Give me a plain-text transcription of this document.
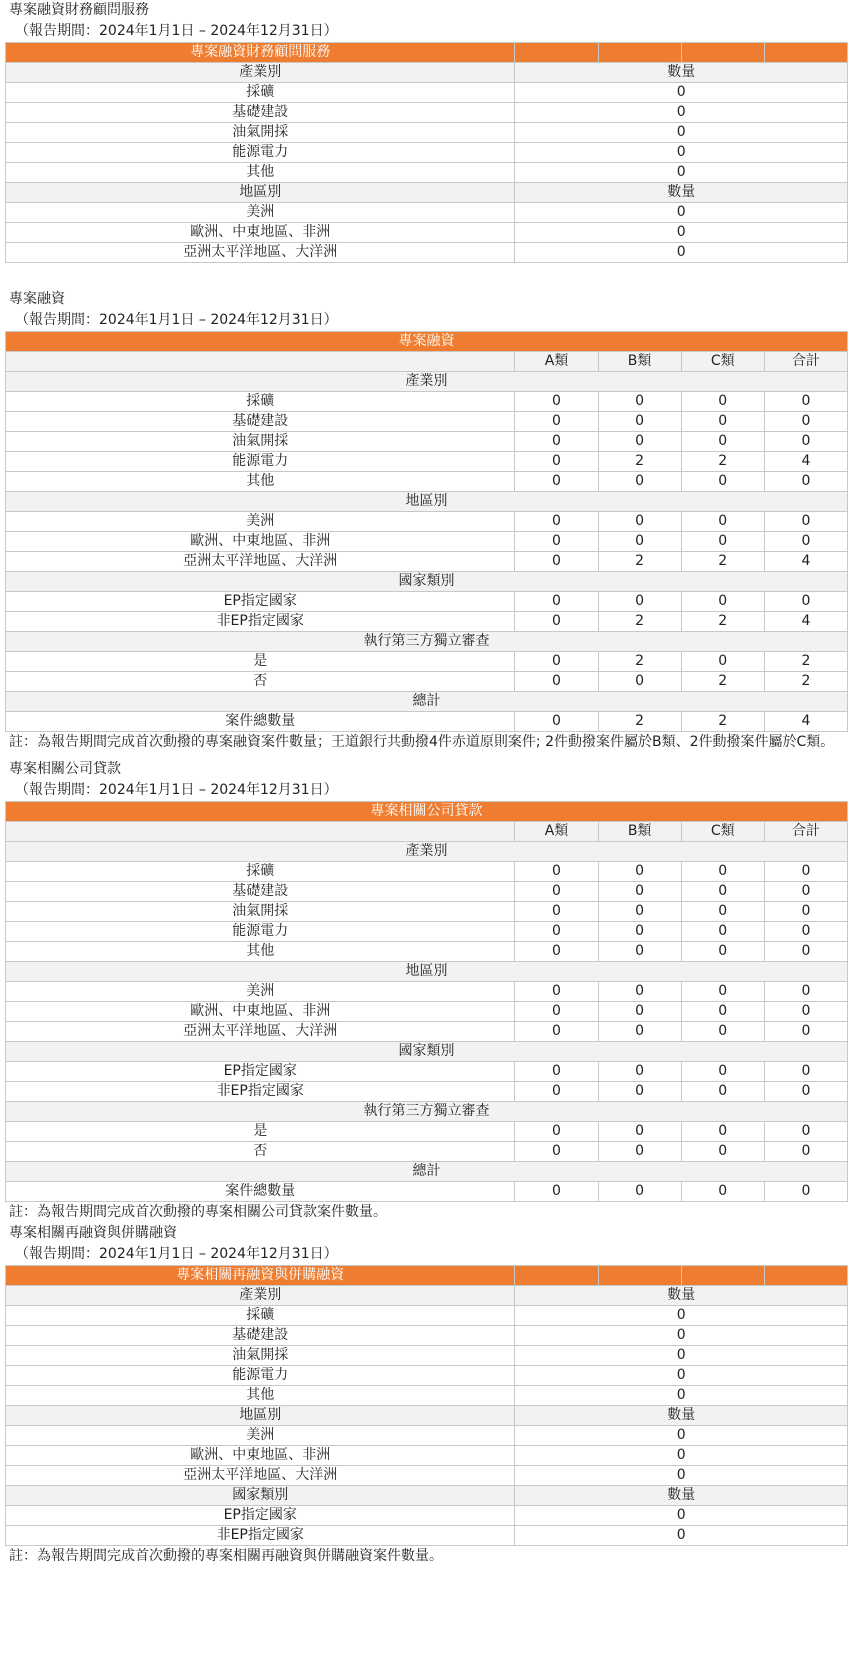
專案融資財務顧問服務
（報告期間：2024年1月1日 – 2024年12月31日）
專案融資財務顧問服務				
產業別	數量			
採礦	0			
基礎建設	0			
油氣開採	0			
能源電力	0			
其他	0			
地區別	數量			
美洲	0			
歐洲、中東地區、非洲	0			
亞洲太平洋地區、大洋洲	0			
專案融資
（報告期間：2024年1月1日 – 2024年12月31日）
專案融資				
	A類	B類	C類	合計
產業別				
採礦	0	0	0	0
基礎建設	0	0	0	0
油氣開採	0	0	0	0
能源電力	0	2	2	4
其他	0	0	0	0
地區別				
美洲	0	0	0	0
歐洲、中東地區、非洲	0	0	0	0
亞洲太平洋地區、大洋洲	0	2	2	4
國家類別				
EP指定國家	0	0	0	0
非EP指定國家	0	2	2	4
執行第三方獨立審查				
是	0	2	0	2
否	0	0	2	2
總計				
案件總數量	0	2	2	4
註：為報告期間完成首次動撥的專案融資案件數量；王道銀行共動撥4件赤道原則案件; 2件動撥案件屬於B類、2件動撥案件屬於C類。
專案相關公司貸款
（報告期間：2024年1月1日 – 2024年12月31日）
專案相關公司貸款				
	A類	B類	C類	合計
產業別				
採礦	0	0	0	0
基礎建設	0	0	0	0
油氣開採	0	0	0	0
能源電力	0	0	0	0
其他	0	0	0	0
地區別				
美洲	0	0	0	0
歐洲、中東地區、非洲	0	0	0	0
亞洲太平洋地區、大洋洲	0	0	0	0
國家類別				
EP指定國家	0	0	0	0
非EP指定國家	0	0	0	0
執行第三方獨立審查				
是	0	0	0	0
否	0	0	0	0
總計				
案件總數量	0	0	0	0
註：為報告期間完成首次動撥的專案相關公司貸款案件數量。
專案相關再融資與併購融資
（報告期間：2024年1月1日 – 2024年12月31日）
專案相關再融資與併購融資				
產業別	數量			
採礦	0			
基礎建設	0			
油氣開採	0			
能源電力	0			
其他	0			
地區別	數量			
美洲	0			
歐洲、中東地區、非洲	0			
亞洲太平洋地區、大洋洲	0			
國家類別	數量			
EP指定國家	0			
非EP指定國家	0			
註：為報告期間完成首次動撥的專案相關再融資與併購融資案件數量。
